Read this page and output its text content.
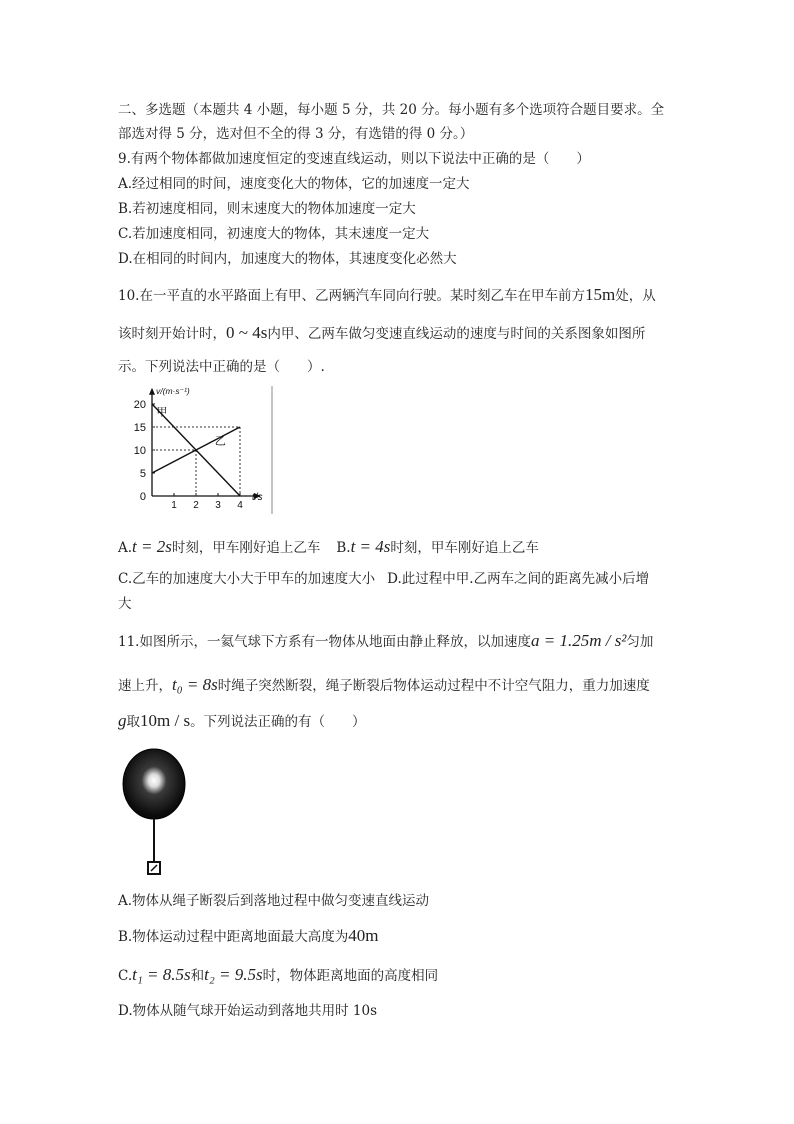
二、多选题（本题共 4 小题，每小题 5 分，共 20 分。每小题有多个选项符合题目要求。全
部选对得 5 分，选对但不全的得 3 分，有选错的得 0 分。）
9.有两个物体都做加速度恒定的变速直线运动，则以下说法中正确的是（　　）
A.经过相同的时间，速度变化大的物体，它的加速度一定大
B.若初速度相同，则末速度大的物体加速度一定大
C.若加速度相同，初速度大的物体，其末速度一定大
D.在相同的时间内，加速度大的物体，其速度变化必然大
10.在一平直的水平路面上有甲、乙两辆汽车同向行驶。某时刻乙车在甲车前方15m处，从
该时刻开始计时，0 ~ 4s内甲、乙两车做匀变速直线运动的速度与时间的关系图象如图所
示。下列说法中正确的是（　　）.
1 2 3 4
0
5
10
15
20
v/(m·s⁻¹)
t/s
甲
乙
A.t = 2s时刻，甲车刚好追上乙车 B.t = 4s时刻，甲车刚好追上乙车
C.乙车的加速度大小大于甲车的加速度大小 D.此过程中甲.乙两车之间的距离先减小后增
大
11.如图所示，一氦气球下方系有一物体从地面由静止释放，以加速度a = 1.25m / s²匀加
速上升，t₀ = 8s时绳子突然断裂，绳子断裂后物体运动过程中不计空气阻力，重力加速度
g取10m / s。下列说法正确的有（　　）
A.物体从绳子断裂后到落地过程中做匀变速直线运动
B.物体运动过程中距离地面最大高度为40m
C.t₁ = 8.5s和t₂ = 9.5s时，物体距离地面的高度相同
D.物体从随气球开始运动到落地共用时 10s
